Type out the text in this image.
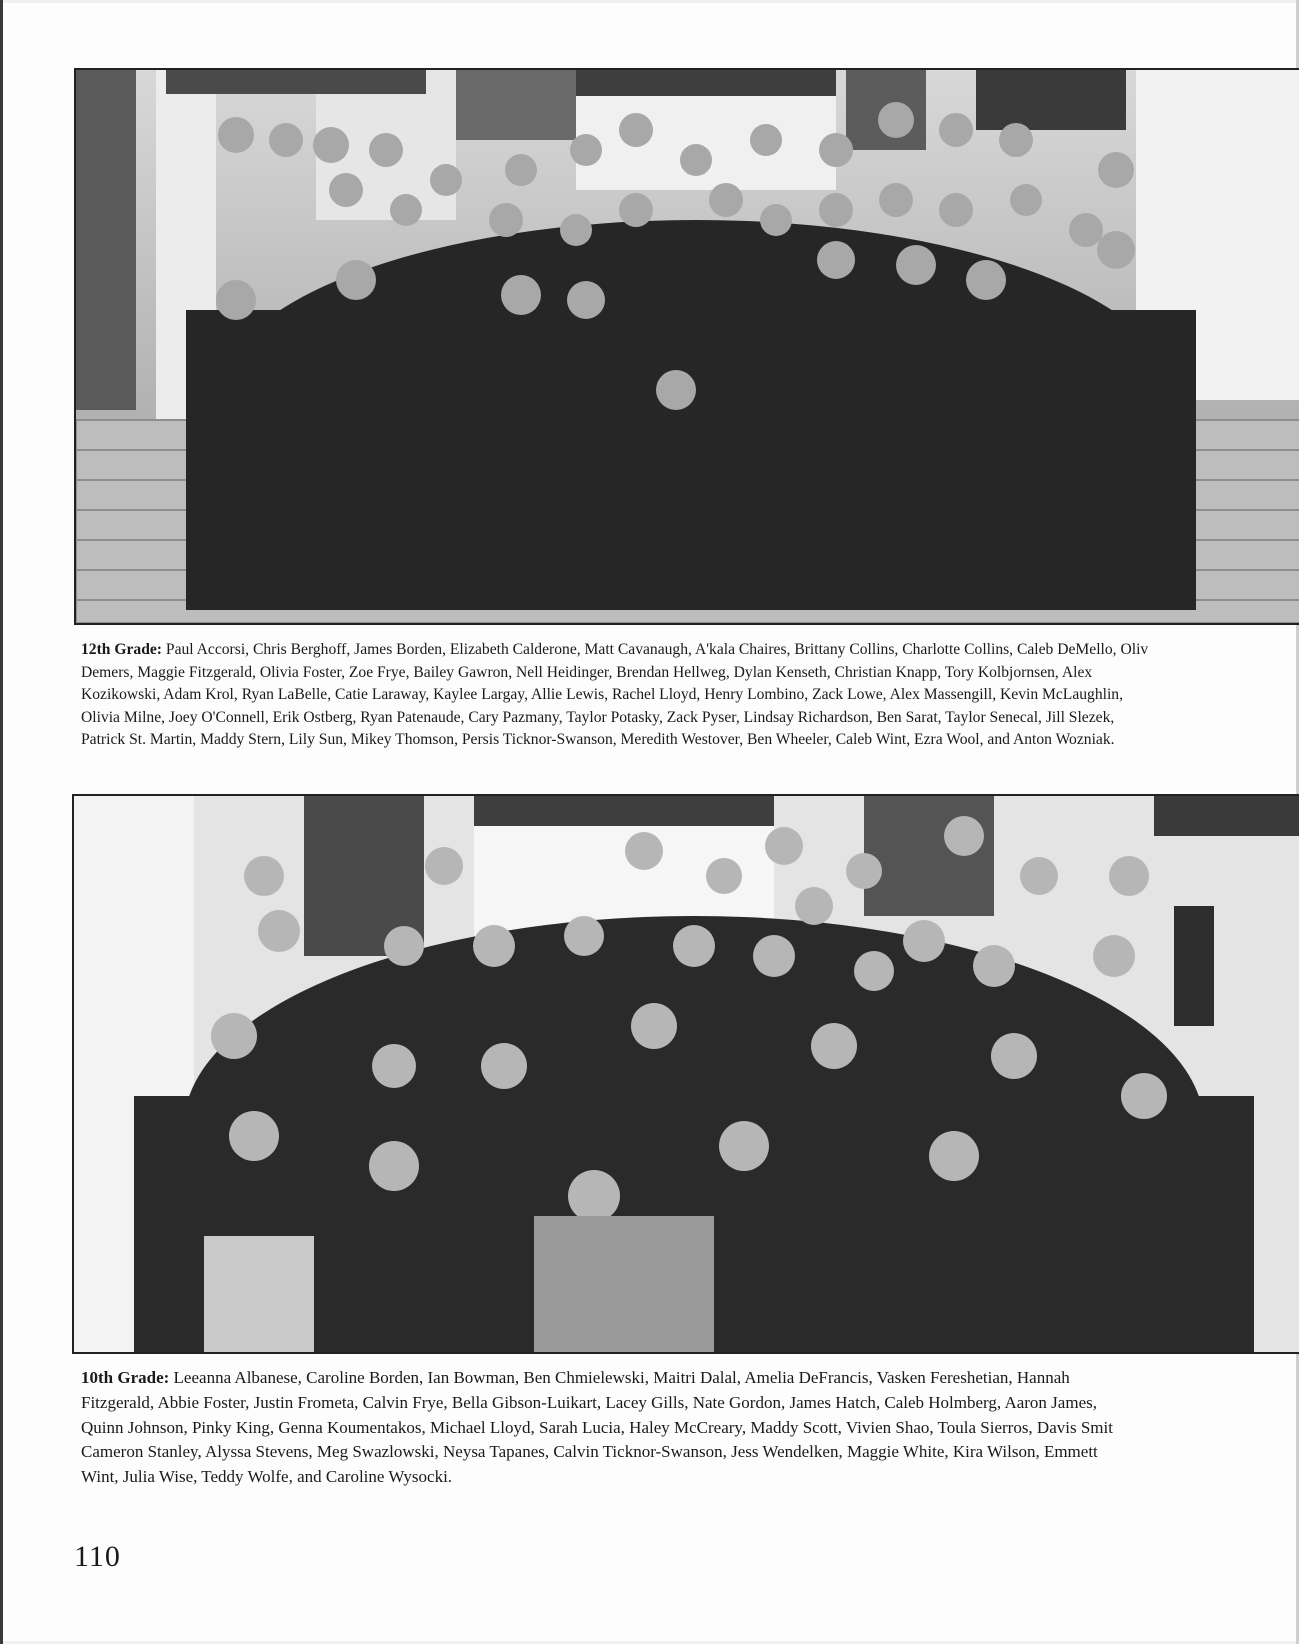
12th Grade: Paul Accorsi, Chris Berghoff, James Borden, Elizabeth Calderone, Matt Cavanaugh, A'kala Chaires, Brittany Collins, Charlotte Collins, Caleb DeMello, Oliv
Demers, Maggie Fitzgerald, Olivia Foster, Zoe Frye, Bailey Gawron, Nell Heidinger, Brendan Hellweg, Dylan Kenseth, Christian Knapp, Tory Kolbjornsen, Alex
Kozikowski, Adam Krol, Ryan LaBelle, Catie Laraway, Kaylee Largay, Allie Lewis, Rachel Lloyd, Henry Lombino, Zack Lowe, Alex Massengill, Kevin McLaughlin,
Olivia Milne, Joey O'Connell, Erik Ostberg, Ryan Patenaude, Cary Pazmany, Taylor Potasky, Zack Pyser, Lindsay Richardson, Ben Sarat, Taylor Senecal, Jill Slezek,
Patrick St. Martin, Maddy Stern, Lily Sun, Mikey Thomson, Persis Ticknor-Swanson, Meredith Westover, Ben Wheeler, Caleb Wint, Ezra Wool, and Anton Wozniak.
10th Grade: Leeanna Albanese, Caroline Borden, Ian Bowman, Ben Chmielewski, Maitri Dalal, Amelia DeFrancis, Vasken Fereshetian, Hannah
Fitzgerald, Abbie Foster, Justin Frometa, Calvin Frye, Bella Gibson-Luikart, Lacey Gills, Nate Gordon, James Hatch, Caleb Holmberg, Aaron James,
Quinn Johnson, Pinky King, Genna Koumentakos, Michael Lloyd, Sarah Lucia, Haley McCreary, Maddy Scott, Vivien Shao, Toula Sierros, Davis Smit
Cameron Stanley, Alyssa Stevens, Meg Swazlowski, Neysa Tapanes, Calvin Ticknor-Swanson, Jess Wendelken, Maggie White, Kira Wilson, Emmett
Wint, Julia Wise, Teddy Wolfe, and Caroline Wysocki.
110
